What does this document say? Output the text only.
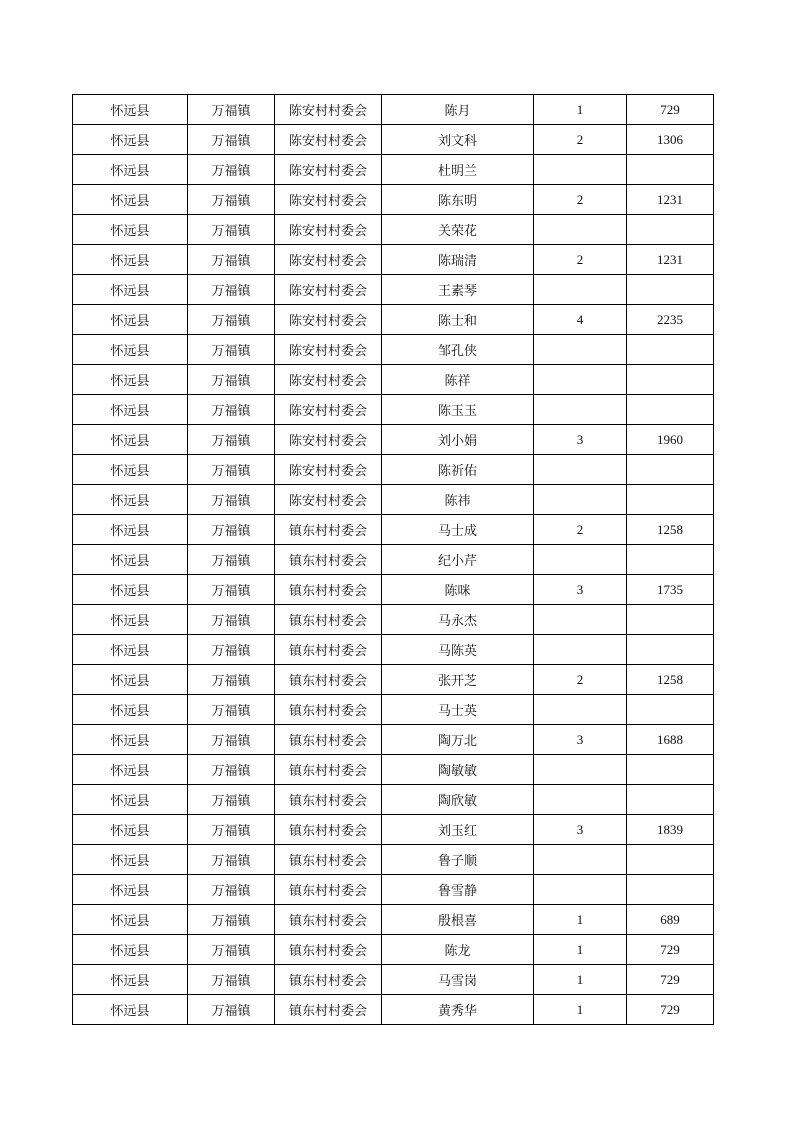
怀远县	万福镇	陈安村村委会	陈月	1	729
怀远县	万福镇	陈安村村委会	刘文科	2	1306
怀远县	万福镇	陈安村村委会	杜明兰		
怀远县	万福镇	陈安村村委会	陈东明	2	1231
怀远县	万福镇	陈安村村委会	关荣花		
怀远县	万福镇	陈安村村委会	陈瑞清	2	1231
怀远县	万福镇	陈安村村委会	王素琴		
怀远县	万福镇	陈安村村委会	陈士和	4	2235
怀远县	万福镇	陈安村村委会	邹孔侠		
怀远县	万福镇	陈安村村委会	陈祥		
怀远县	万福镇	陈安村村委会	陈玉玉		
怀远县	万福镇	陈安村村委会	刘小娟	3	1960
怀远县	万福镇	陈安村村委会	陈祈佑		
怀远县	万福镇	陈安村村委会	陈祎		
怀远县	万福镇	镇东村村委会	马士成	2	1258
怀远县	万福镇	镇东村村委会	纪小芹		
怀远县	万福镇	镇东村村委会	陈咪	3	1735
怀远县	万福镇	镇东村村委会	马永杰		
怀远县	万福镇	镇东村村委会	马陈英		
怀远县	万福镇	镇东村村委会	张开芝	2	1258
怀远县	万福镇	镇东村村委会	马士英		
怀远县	万福镇	镇东村村委会	陶万北	3	1688
怀远县	万福镇	镇东村村委会	陶敏敏		
怀远县	万福镇	镇东村村委会	陶欣敏		
怀远县	万福镇	镇东村村委会	刘玉红	3	1839
怀远县	万福镇	镇东村村委会	鲁子顺		
怀远县	万福镇	镇东村村委会	鲁雪静		
怀远县	万福镇	镇东村村委会	殷根喜	1	689
怀远县	万福镇	镇东村村委会	陈龙	1	729
怀远县	万福镇	镇东村村委会	马雪岗	1	729
怀远县	万福镇	镇东村村委会	黄秀华	1	729
